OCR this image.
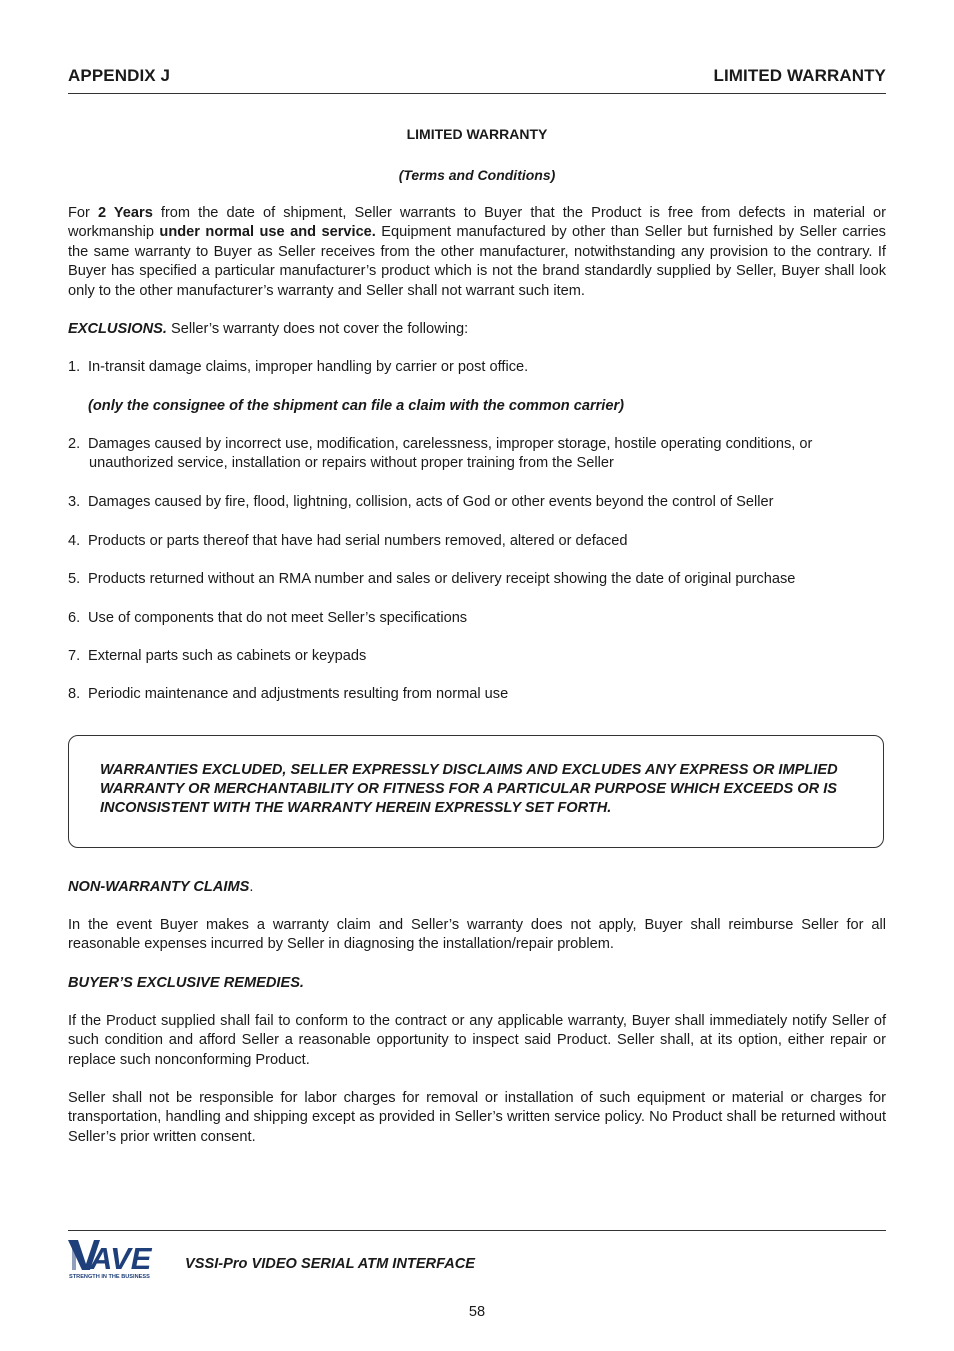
APPENDIX J	LIMITED WARRANTY
LIMITED WARRANTY
(Terms and Conditions)

For 2 Years from the date of shipment, Seller warrants to Buyer that the Product is free from defects in material or workmanship under normal use and service. Equipment manufactured by other than Seller but furnished by Seller carries the same warranty to Buyer as Seller receives from the other manufacturer, notwithstanding any provision to the contrary. If Buyer has specified a particular manufacturer’s product which is not the brand standardly supplied by Seller, Buyer shall look only to the other manufacturer’s warranty and Seller shall not warrant such item.

EXCLUSIONS. Seller’s warranty does not cover the following:
1. In-transit damage claims, improper handling by carrier or post office.
(only the consignee of the shipment can file a claim with the common carrier)
2. Damages caused by incorrect use, modification, carelessness, improper storage, hostile operating conditions, or
unauthorized service, installation or repairs without proper training from the Seller
3. Damages caused by fire, flood, lightning, collision, acts of God or other events beyond the control of Seller
4. Products or parts thereof that have had serial numbers removed, altered or defaced
5. Products returned without an RMA number and sales or delivery receipt showing the date of original purchase
6. Use of components that do not meet Seller’s specifications
7. External parts such as cabinets or keypads
8. Periodic maintenance and adjustments resulting from normal use

WARRANTIES EXCLUDED, SELLER EXPRESSLY DISCLAIMS AND EXCLUDES ANY EXPRESS OR IMPLIED WARRANTY OR MERCHANTABILITY OR FITNESS FOR A PARTICULAR PURPOSE WHICH EXCEEDS OR IS INCONSISTENT WITH THE WARRANTY HEREIN EXPRESSLY SET FORTH.

NON-WARRANTY CLAIMS.

In the event Buyer makes a warranty claim and Seller’s warranty does not apply, Buyer shall reimburse Seller for all reasonable expenses incurred by Seller in diagnosing the installation/repair problem.

BUYER’S EXCLUSIVE REMEDIES.

If the Product supplied shall fail to conform to the contract or any applicable warranty, Buyer shall immediately notify Seller of such condition and afford Seller a reasonable opportunity to inspect said Product. Seller shall, at its option, either repair or replace such nonconforming Product.

Seller shall not be responsible for labor charges for removal or installation of such equipment or material or charges for transportation, handling and shipping except as provided in Seller’s written service policy. No Product shall be returned without Seller’s prior written consent.

AVE
STRENGTH IN THE BUSINESS
VSSI-Pro VIDEO SERIAL ATM INTERFACE
58
